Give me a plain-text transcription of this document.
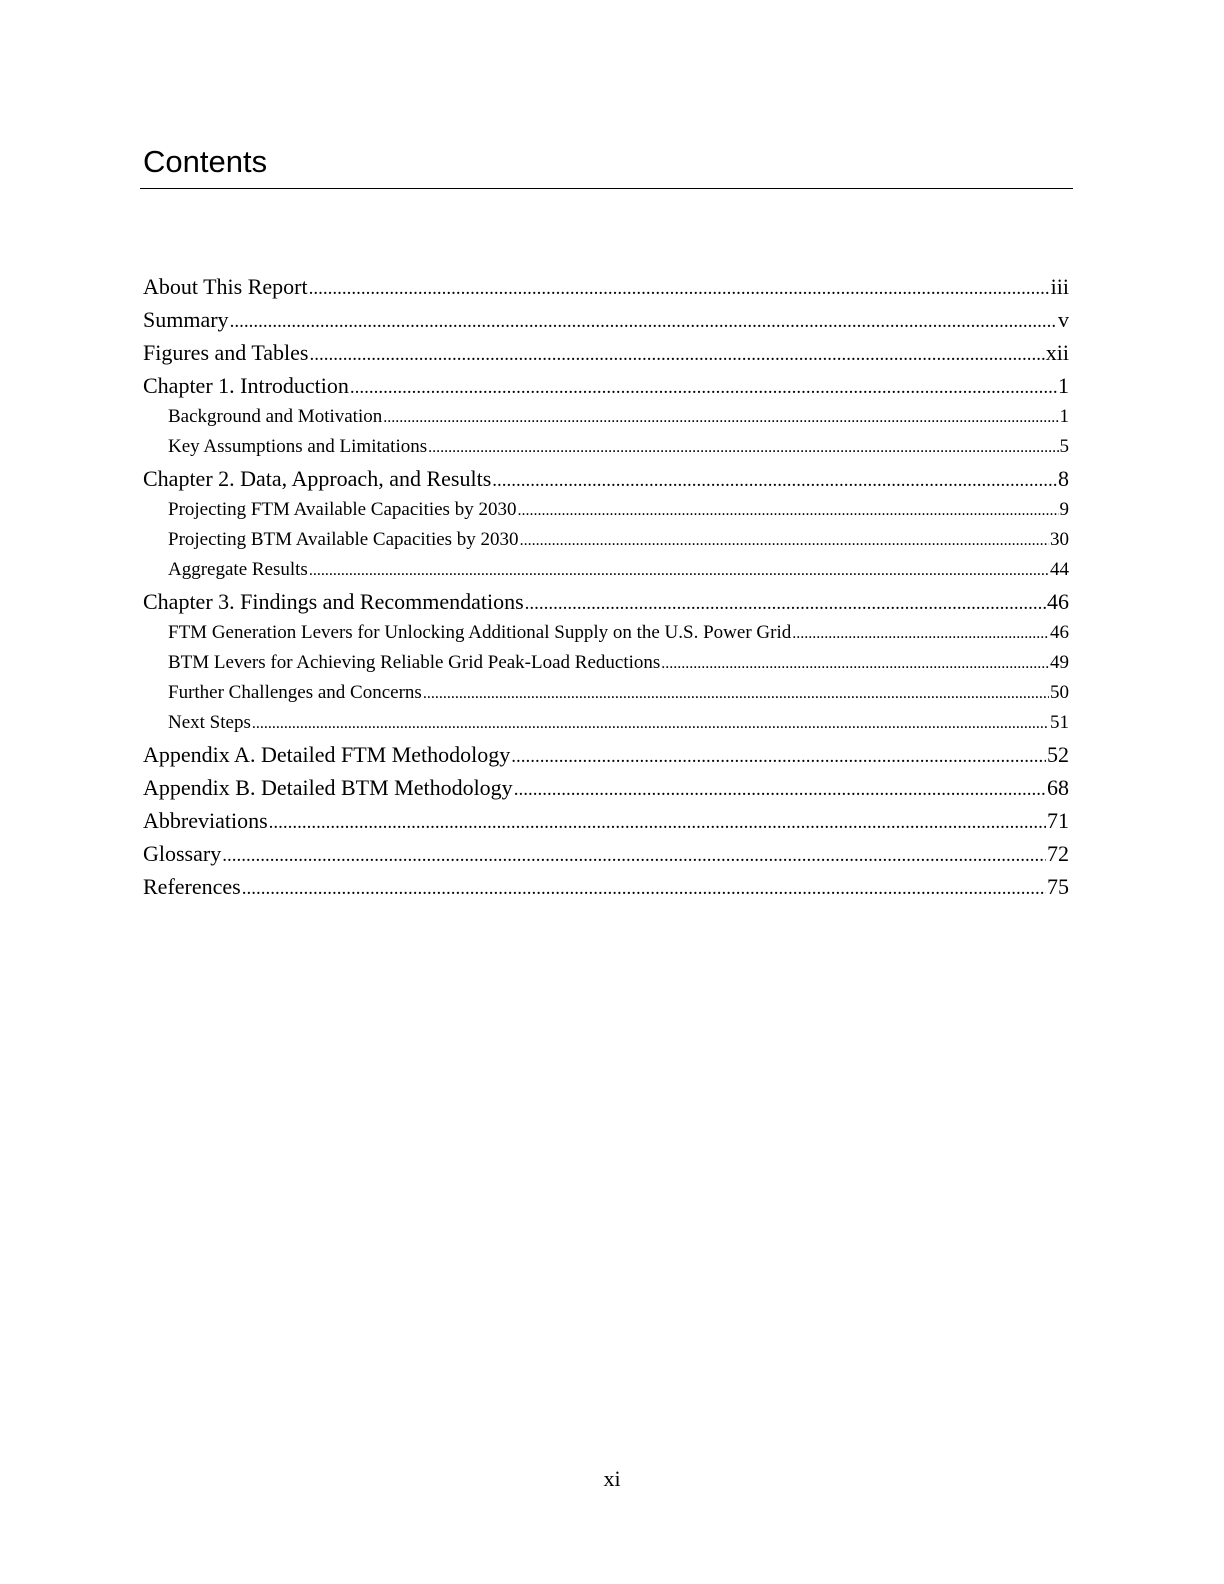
Contents
About This Report .....	iii
Summary .....	v
Figures and Tables .....	xii
Chapter 1. Introduction .....	1
Background and Motivation .....	1
Key Assumptions and Limitations .....	5
Chapter 2. Data, Approach, and Results .....	8
Projecting FTM Available Capacities by 2030 .....	9
Projecting BTM Available Capacities by 2030 .....	30
Aggregate Results .....	44
Chapter 3. Findings and Recommendations .....	46
FTM Generation Levers for Unlocking Additional Supply on the U.S. Power Grid .....	46
BTM Levers for Achieving Reliable Grid Peak-Load Reductions .....	49
Further Challenges and Concerns .....	50
Next Steps .....	51
Appendix A. Detailed FTM Methodology .....	52
Appendix B. Detailed BTM Methodology .....	68
Abbreviations .....	71
Glossary .....	72
References .....	75
xi
